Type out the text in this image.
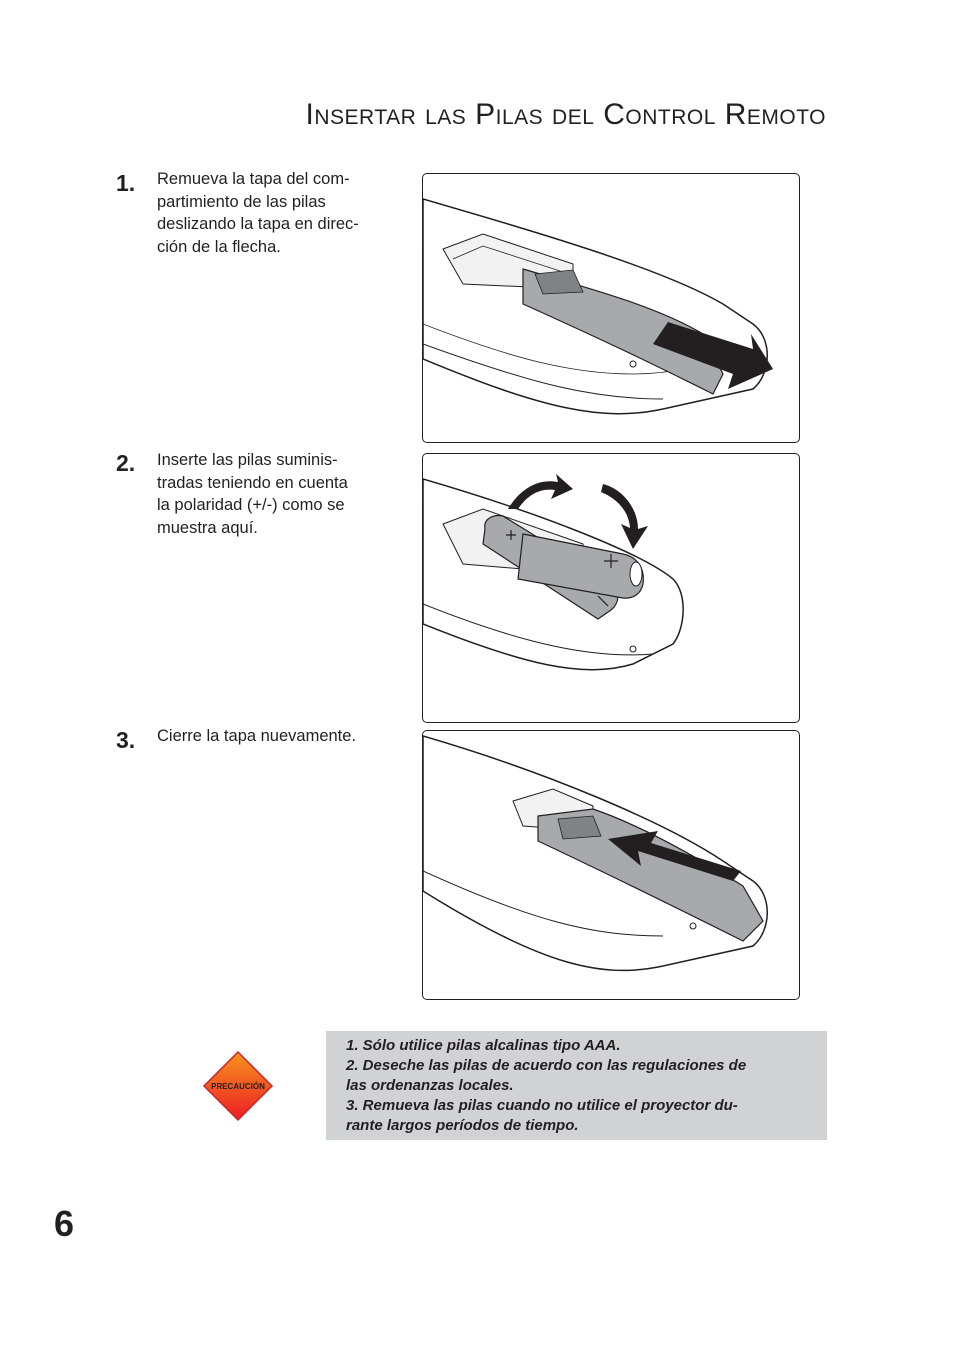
Insertar las Pilas del Control Remoto
1. Remueva la tapa del com-
partimiento de las pilas
deslizando la tapa en direc-
ción de la flecha.

2. Inserte las pilas suminis-
tradas teniendo en cuenta
la polaridad (+/-) como se
muestra aquí.

3. Cierre la tapa nuevamente.

PRECAUCIÓN

1. Sólo utilice pilas alcalinas tipo AAA.

2. Deseche las pilas de acuerdo con las regulaciones de
las ordenanzas locales.

3. Remueva las pilas cuando no utilice el proyector du-
rante largos períodos de tiempo.

6
